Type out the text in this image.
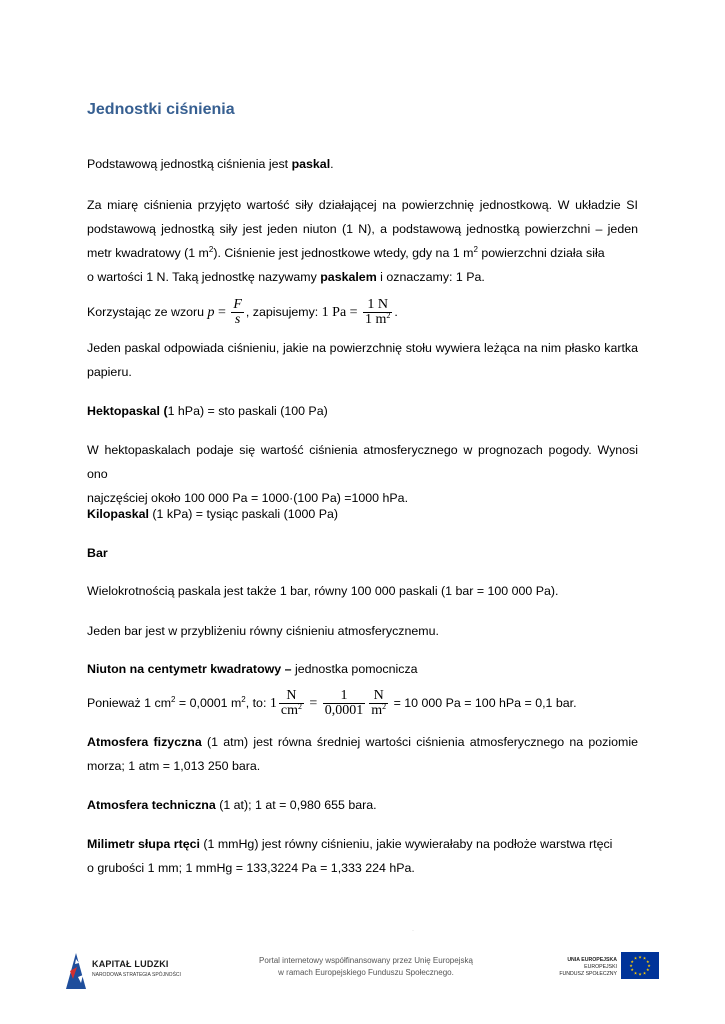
Jednostki ciśnienia
Podstawową jednostką ciśnienia jest paskal.
Za miarę ciśnienia przyjęto wartość siły działającej na powierzchnię jednostkową. W układzie SI podstawową jednostką siły jest jeden niuton (1 N), a podstawową jednostką powierzchni – jeden metr kwadratowy (1 $m^2$). Ciśnienie jest jednostkowe wtedy, gdy na 1 $m^2$ powierzchni działa siła
o wartości 1 N. Taką jednostkę nazywamy paskalem i oznaczamy: 1 Pa.
Korzystając ze wzoru $p = \frac{F}{s}$ , zapisujemy: 1 $Pa = \frac{1 N}{1 m^2}$ .
Jeden paskal odpowiada ciśnieniu, jakie na powierzchnię stołu wywiera leżąca na nim płasko kartka papieru.
Hektopaskal (1 hPa) = sto paskali (100 Pa)
W hektopaskalach podaje się wartość ciśnienia atmosferycznego w prognozach pogody. Wynosi ono
najczęściej około 100 000 Pa = 1000·(100 Pa) =1000 hPa.
Kilopaskal (1 kPa) = tysiąc paskali (1000 Pa)
Bar
Wielokrotnością paskala jest także 1 bar, równy 100 000 paskali (1 bar = 100 000 Pa).
Jeden bar jest w przybliżeniu równy ciśnieniu atmosferycznemu.
Niuton na centymetr kwadratowy – jednostka pomocnicza
Ponieważ 1 $cm^2 = 0,0001$ $m^2$, to: $1 \frac{N}{cm^2} = \frac{1}{0,0001} \frac{N}{m^2} = 10$ 000 Pa = 100 hPa = 0,1 bar.
Atmosfera fizyczna (1 atm) jest równa średniej wartości ciśnienia atmosferycznego na poziomie morza; 1 atm = 1,013 250 bara.
Atmosfera techniczna (1 at); 1 at = 0,980 655 bara.
Milimetr słupa rtęci (1 mmHg) jest równy ciśnieniu, jakie wywierałaby na podłoże warstwa rtęci
o grubości 1 mm; 1 mmHg = 133,3224 Pa = 1,333 224 hPa.
·
KAPITAŁ LUDZKI
NARODOWA STRATEGIA SPÓJNOŚCI
Portal internetowy współfinansowany przez Unię Europejską
w ramach Europejskiego Funduszu Społecznego.
UNIA EUROPEJSKA
EUROPEJSKI
FUNDUSZ SPOŁECZNY
★ ★
★
★
★
★
★
★
★
★
★
★
